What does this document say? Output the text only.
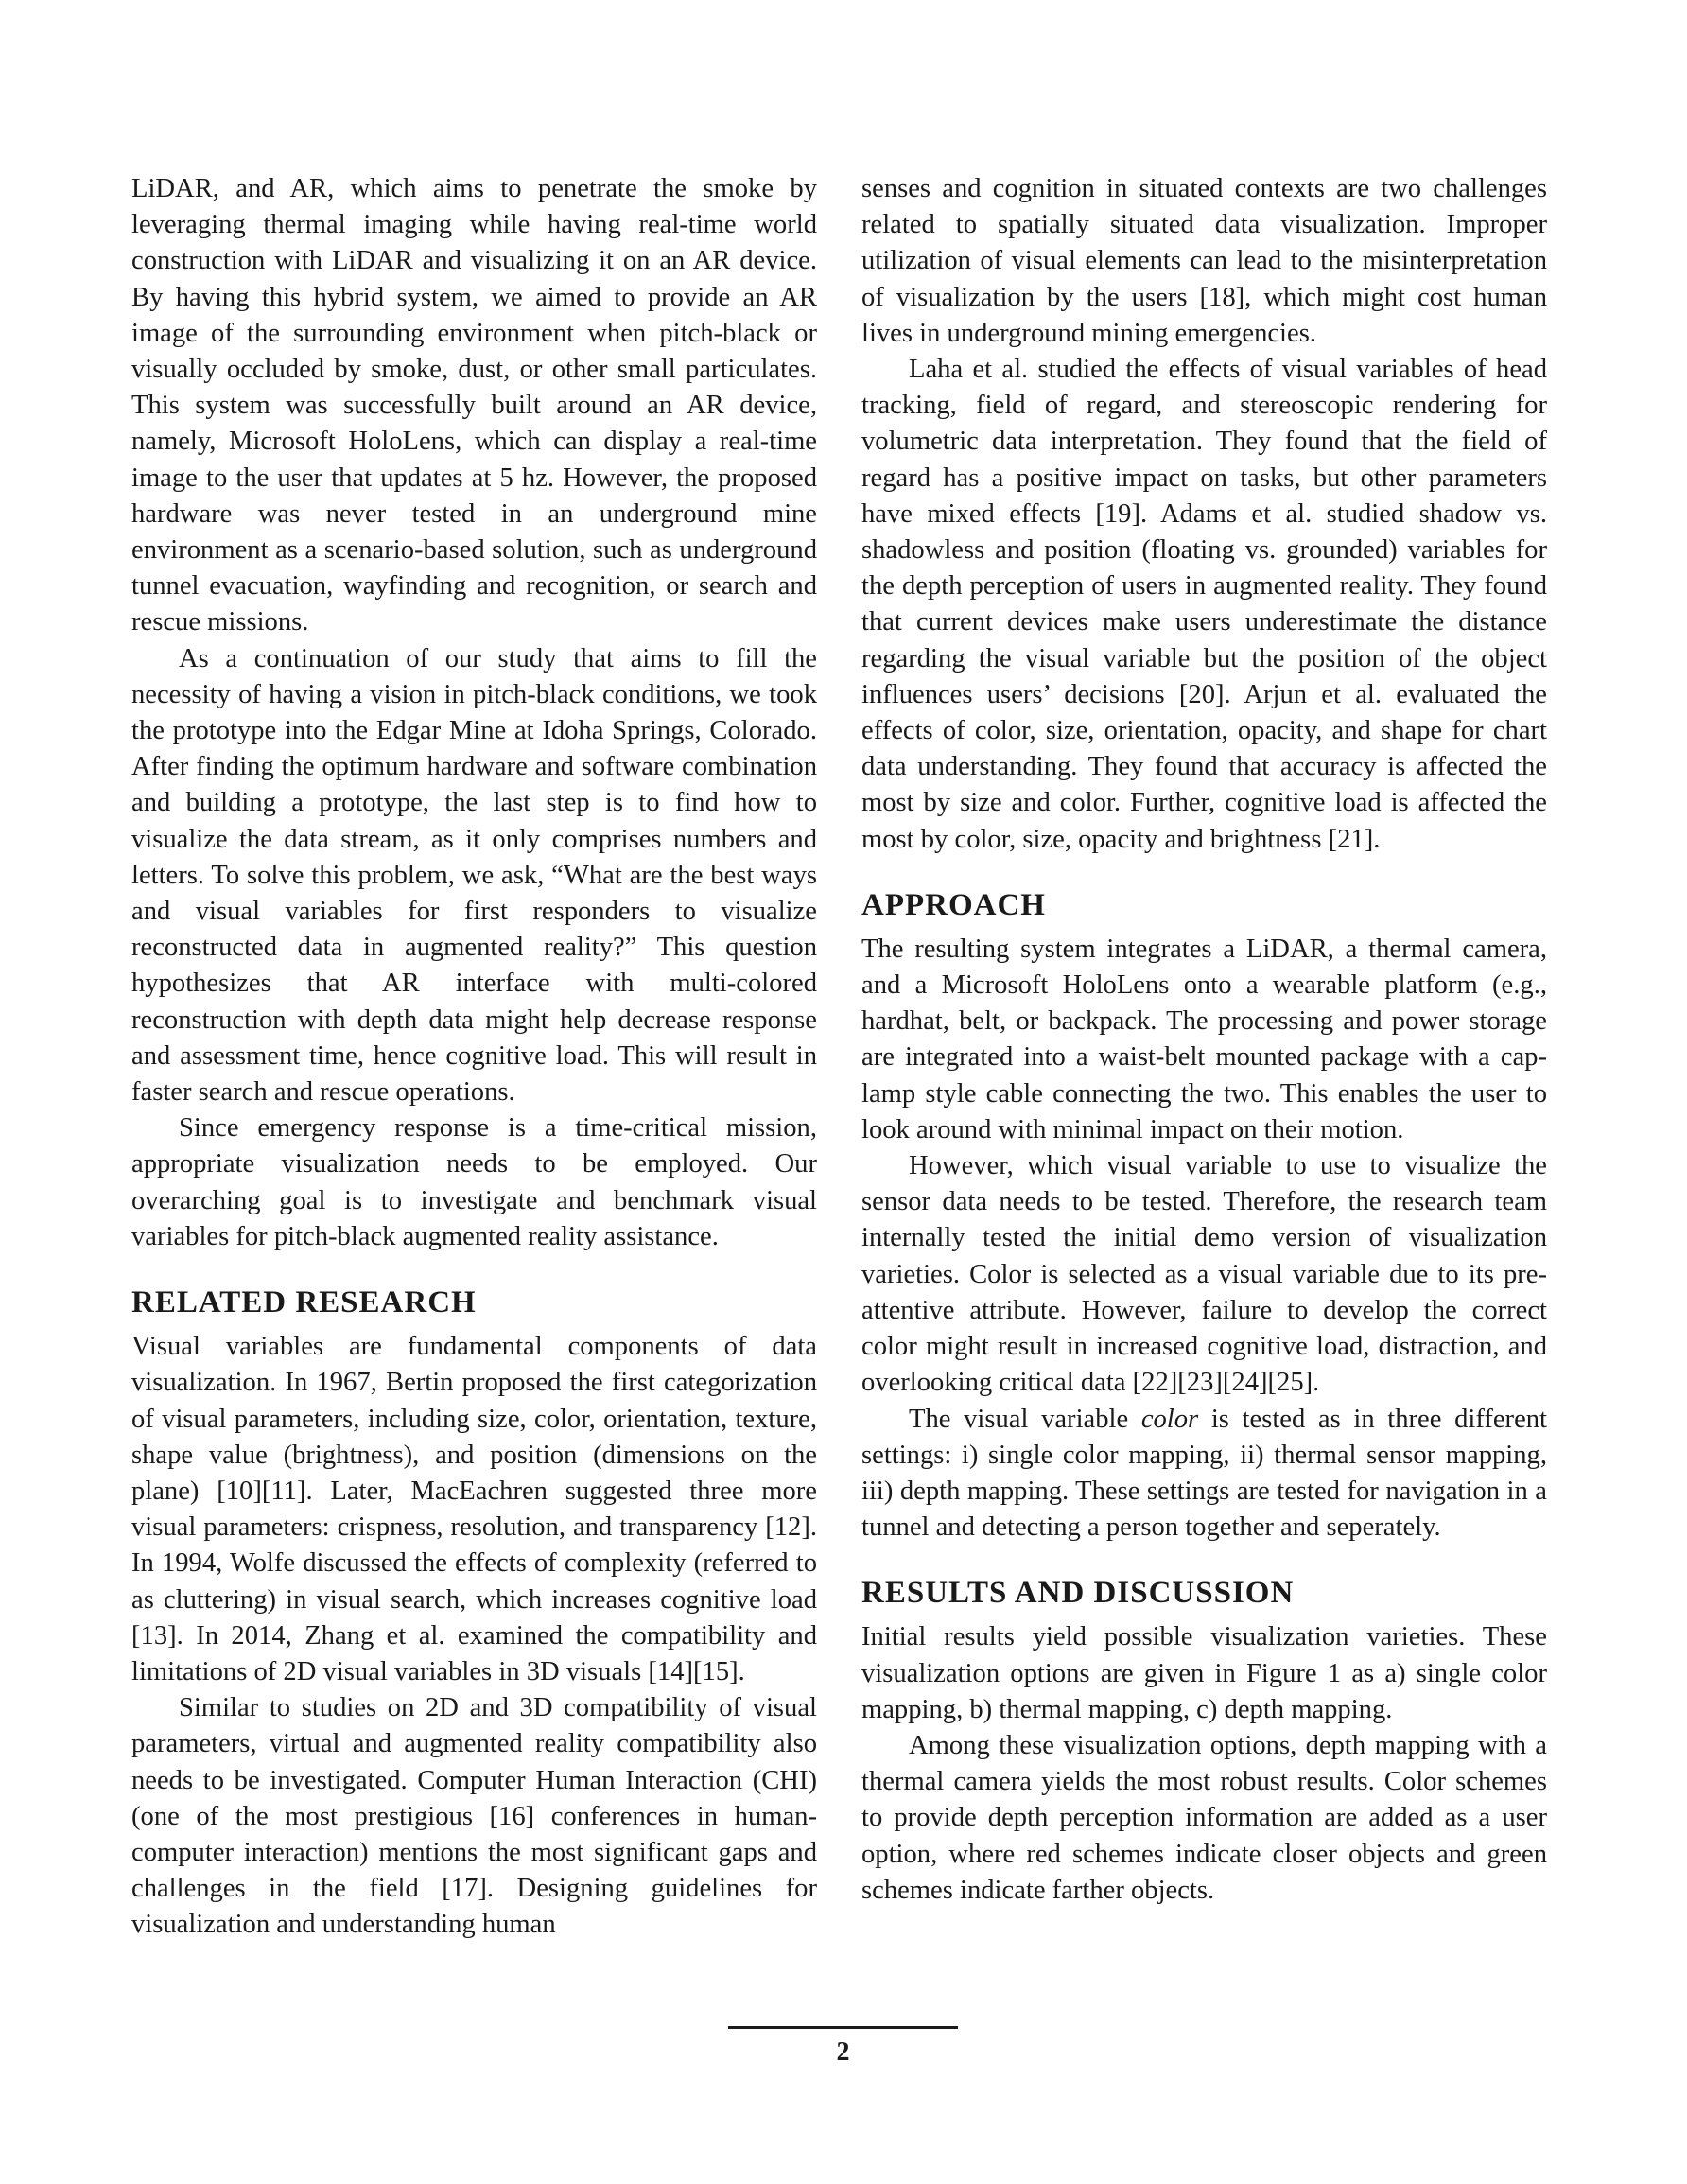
LiDAR, and AR, which aims to penetrate the smoke by leveraging thermal imaging while having real-time world construction with LiDAR and visualizing it on an AR device. By having this hybrid system, we aimed to provide an AR image of the surrounding environment when pitch-black or visually occluded by smoke, dust, or other small particulates. This system was successfully built around an AR device, namely, Microsoft HoloLens, which can display a real-time image to the user that updates at 5 hz. However, the proposed hardware was never tested in an underground mine environment as a scenario-based solution, such as underground tunnel evacuation, wayfinding and recognition, or search and rescue missions.

As a continuation of our study that aims to fill the necessity of having a vision in pitch-black conditions, we took the prototype into the Edgar Mine at Idoha Springs, Colorado. After finding the optimum hardware and software combination and building a prototype, the last step is to find how to visualize the data stream, as it only comprises numbers and letters. To solve this problem, we ask, “What are the best ways and visual variables for first responders to visualize reconstructed data in augmented reality?” This question hypothesizes that AR interface with multi-colored reconstruction with depth data might help decrease response and assessment time, hence cognitive load. This will result in faster search and rescue operations.

Since emergency response is a time-critical mission, appropriate visualization needs to be employed. Our overarching goal is to investigate and benchmark visual variables for pitch-black augmented reality assistance.

RELATED RESEARCH

Visual variables are fundamental components of data visualization. In 1967, Bertin proposed the first categorization of visual parameters, including size, color, orientation, texture, shape value (brightness), and position (dimensions on the plane) [10][11]. Later, MacEachren suggested three more visual parameters: crispness, resolution, and transparency [12]. In 1994, Wolfe discussed the effects of complexity (referred to as cluttering) in visual search, which increases cognitive load [13]. In 2014, Zhang et al. examined the compatibility and limitations of 2D visual variables in 3D visuals [14][15].

Similar to studies on 2D and 3D compatibility of visual parameters, virtual and augmented reality compatibility also needs to be investigated. Computer Human Interaction (CHI) (one of the most prestigious [16] conferences in human-computer interaction) mentions the most significant gaps and challenges in the field [17]. Designing guidelines for visualization and understanding human

senses and cognition in situated contexts are two challenges related to spatially situated data visualization. Improper utilization of visual elements can lead to the misinterpretation of visualization by the users [18], which might cost human lives in underground mining emergencies.

Laha et al. studied the effects of visual variables of head tracking, field of regard, and stereoscopic rendering for volumetric data interpretation. They found that the field of regard has a positive impact on tasks, but other parameters have mixed effects [19]. Adams et al. studied shadow vs. shadowless and position (floating vs. grounded) variables for the depth perception of users in augmented reality. They found that current devices make users underestimate the distance regarding the visual variable but the position of the object influences users’ decisions [20]. Arjun et al. evaluated the effects of color, size, orientation, opacity, and shape for chart data understanding. They found that accuracy is affected the most by size and color. Further, cognitive load is affected the most by color, size, opacity and brightness [21].

APPROACH

The resulting system integrates a LiDAR, a thermal camera, and a Microsoft HoloLens onto a wearable platform (e.g., hardhat, belt, or backpack. The processing and power storage are integrated into a waist-belt mounted package with a cap-lamp style cable connecting the two. This enables the user to look around with minimal impact on their motion.

However, which visual variable to use to visualize the sensor data needs to be tested. Therefore, the research team internally tested the initial demo version of visualization varieties. Color is selected as a visual variable due to its pre-attentive attribute. However, failure to develop the correct color might result in increased cognitive load, distraction, and overlooking critical data [22][23][24][25].

The visual variable color is tested as in three different settings: i) single color mapping, ii) thermal sensor mapping, iii) depth mapping. These settings are tested for navigation in a tunnel and detecting a person together and seperately.

RESULTS AND DISCUSSION

Initial results yield possible visualization varieties. These visualization options are given in Figure 1 as a) single color mapping, b) thermal mapping, c) depth mapping.

Among these visualization options, depth mapping with a thermal camera yields the most robust results. Color schemes to provide depth perception information are added as a user option, where red schemes indicate closer objects and green schemes indicate farther objects.

2
